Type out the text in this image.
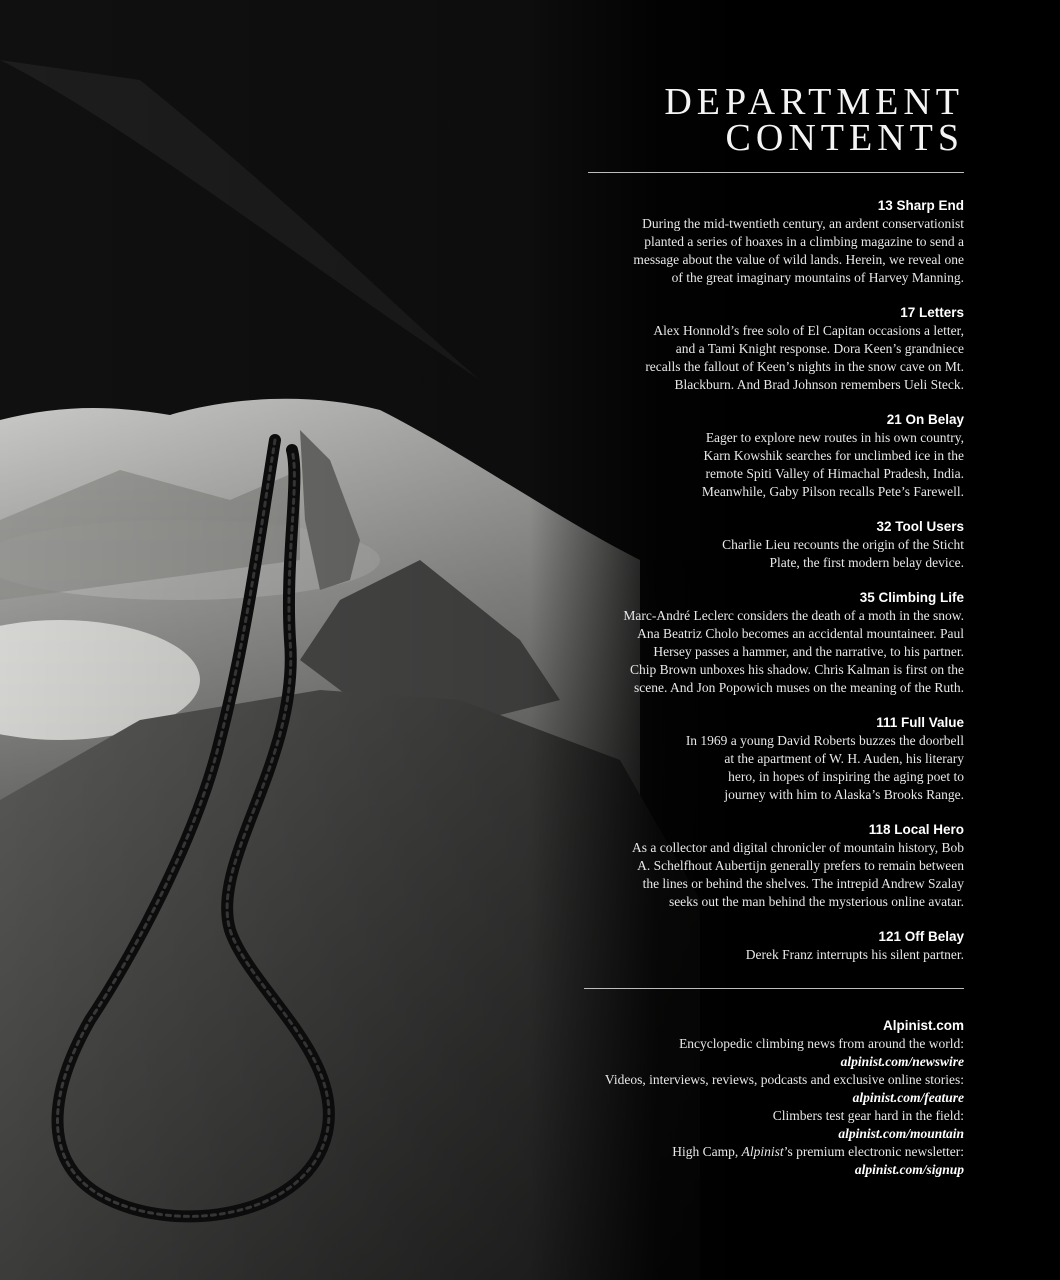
DEPARTMENT
CONTENTS
13 Sharp End
During the mid-twentieth century, an ardent conservationist
planted a series of hoaxes in a climbing magazine to send a
message about the value of wild lands. Herein, we reveal one
of the great imaginary mountains of Harvey Manning.
17 Letters
Alex Honnold’s free solo of El Capitan occasions a letter,
and a Tami Knight response. Dora Keen’s grandniece
recalls the fallout of Keen’s nights in the snow cave on Mt.
Blackburn. And Brad Johnson remembers Ueli Steck.
21 On Belay
Eager to explore new routes in his own country,
Karn Kowshik searches for unclimbed ice in the
remote Spiti Valley of Himachal Pradesh, India.
Meanwhile, Gaby Pilson recalls Pete’s Farewell.
32 Tool Users
Charlie Lieu recounts the origin of the Sticht
Plate, the first modern belay device.
35 Climbing Life
Marc-André Leclerc considers the death of a moth in the snow.
Ana Beatriz Cholo becomes an accidental mountaineer. Paul
Hersey passes a hammer, and the narrative, to his partner.
Chip Brown unboxes his shadow. Chris Kalman is first on the
scene. And Jon Popowich muses on the meaning of the Ruth.
111 Full Value
In 1969 a young David Roberts buzzes the doorbell
at the apartment of W. H. Auden, his literary
hero, in hopes of inspiring the aging poet to
journey with him to Alaska’s Brooks Range.
118 Local Hero
As a collector and digital chronicler of mountain history, Bob
A. Schelfhout Aubertijn generally prefers to remain between
the lines or behind the shelves. The intrepid Andrew Szalay
seeks out the man behind the mysterious online avatar.
121 Off Belay
Derek Franz interrupts his silent partner.
Alpinist.com
Encyclopedic climbing news from around the world:
alpinist.com/newswire
Videos, interviews, reviews, podcasts and exclusive online stories:
alpinist.com/feature
Climbers test gear hard in the field:
alpinist.com/mountain
High Camp, Alpinist’s premium electronic newsletter:
alpinist.com/signup
